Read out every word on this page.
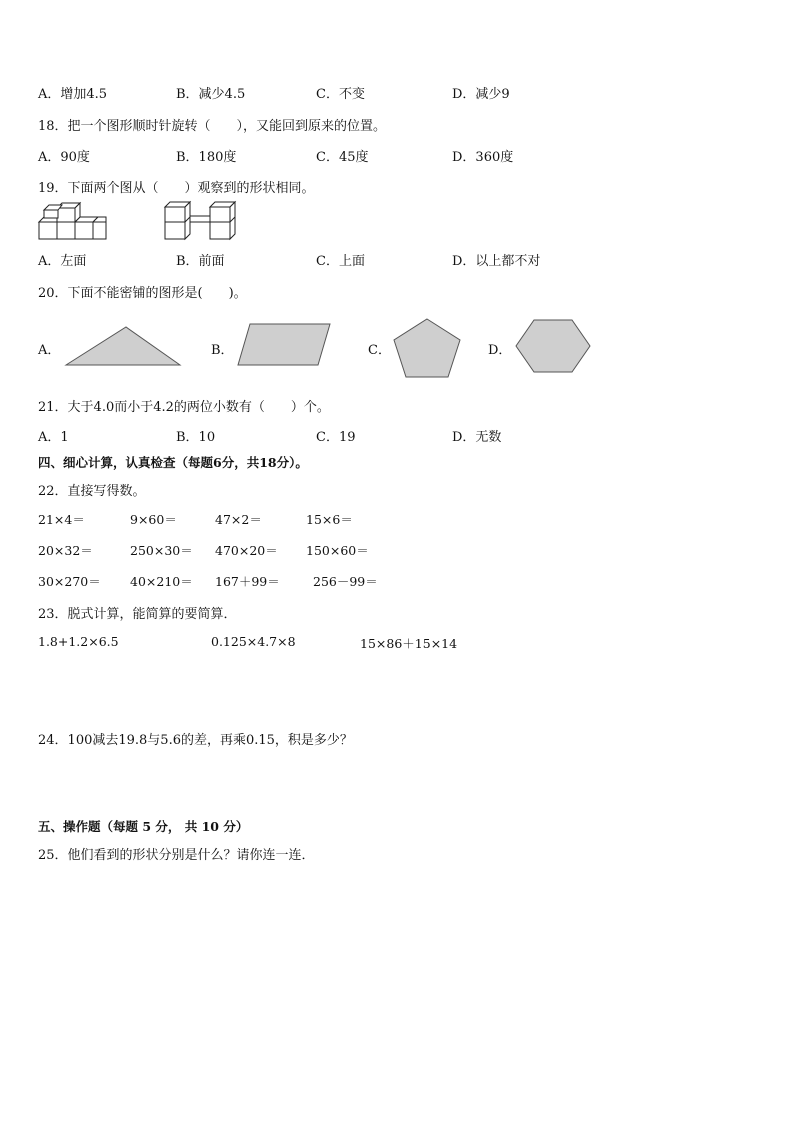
A．增加4.5	B．减少4.5	C．不变	D．减少9
18．把一个图形顺时针旋转（　　），又能回到原来的位置。
A．90度	B．180度	C．45度	D．360度
19．下面两个图从（　　）观察到的形状相同。
A．左面	B．前面	C．上面	D．以上都不对
20．下面不能密铺的图形是(　　)。
A．	B．	C．	D．
21．大于4.0而小于4.2的两位小数有（　　）个。
A．1	B．10	C．19	D．无数
四、细心计算，认真检查（每题6分，共18分）。
22．直接写得数。
21×4＝	9×60＝	47×2＝	15×6＝
20×32＝	250×30＝ 470×20＝ 150×60＝
30×270＝ 40×210＝ 167＋99＝	256－99＝
23．脱式计算，能简算的要简算．
1.8+1.2×6.5	0.125×4.7×8	15×86＋15×14
24．100减去19.8与5.6的差，再乘0.15，积是多少？
五、操作题（每题 5 分， 共 10 分）
25．他们看到的形状分别是什么？请你连一连．
